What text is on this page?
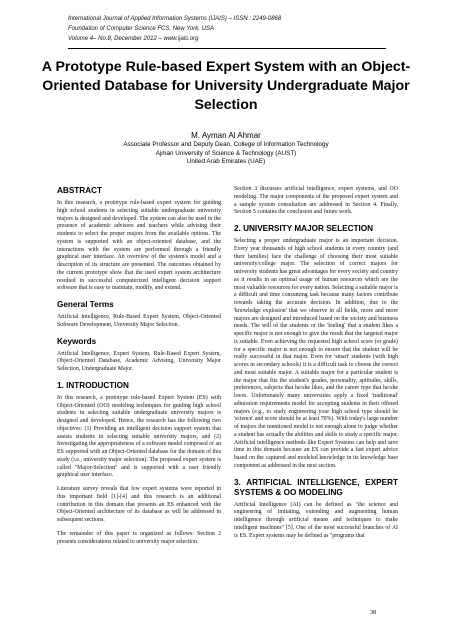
International Journal of Applied Information Systems (IJAIS) – ISSN : 2249-0868
Foundation of Computer Science FCS, New York, USA
Volume 4– No.8, December 2012 – www.ijais.org
A Prototype Rule-based Expert System with an Object-Oriented Database for University Undergraduate Major Selection
M. Ayman Al Ahmar
Associate Professor and Deputy Dean, College of Information Technology
Ajman University of Science & Technology (AUST)
United Arab Emirates (UAE)
ABSTRACT

In this research, a prototype rule-based expert system for guiding high school students in selecting suitable undergraduate university majors is designed and developed. The system can also be used in the presence of academic advisors and teachers while advising their students to select the proper majors from the available options. The system is supported with an object-oriented database, and the interactions with the system are performed through a friendly graphical user interface. An overview of the system's model and a description of its structure are presented. The outcomes obtained by the current prototype show that the used expert system architecture resulted in successful computerized intelligent decision support software that is easy to maintain, modify, and extend.

General Terms

Artificial Intelligence, Rule-Based Expert System, Object-Oriented Software Development, University Major Selection.

Keywords

Artificial Intelligence, Expert System, Rule-Based Expert System, Object-Oriented Database, Academic Advising, University Major Selection, Undergraduate Major.

1. INTRODUCTION

In this research, a prototype rule-based Expert System (ES) with Object-Oriented (OO) modeling techniques for guiding high school students in selecting suitable undergraduate university majors is designed and developed. Hence, the research has the following two objectives: (1) Providing an intelligent decision support system that assists students in selecting suitable university majors, and (2) Investigating the appropriateness of a software model composed of an ES supported with an Object-Oriented database for the domain of this study (i.e., university major selection). The proposed expert system is called "Major-Selection" and is supported with a user friendly graphical user interface.

Literature survey reveals that few expert systems were reported in this important field [1]-[4] and this research is an additional contribution in this domain that presents an ES enhanced with the Object-Oriented architecture of its database as will be addressed in subsequent sections.

The remainder of this paper is organized as follows: Section 2 presents considerations related to university major selection.

Section 3 discusses artificial intelligence, expert systems, and OO modeling. The major components of the proposed expert system and a sample system consultation are addressed in Section 4. Finally, Section 5 contains the conclusion and future work.

2. UNIVERSITY MAJOR SELECTION

Selecting a proper undergraduate major is an important decision. Every year thousands of high school students in every country (and their families) face the challenge of choosing their most suitable university/college major. The selection of correct majors for university students has great advantages for every society and country as it results in an optimal usage of human resources which are the most valuable resources for every nation. Selecting a suitable major is a difficult and time consuming task because many factors contribute towards taking the accurate decision. In addition, due to the 'knowledge explosion' that we observe in all fields, more and more majors are designed and introduced based on the society and business needs. The will of the students or the 'feeling' that a student likes a specific major is not enough to give the result that the targeted major is suitable. Even achieving the requested high school score (or grade) for a specific major is not enough to ensure that the student will be really successful in that major. Even for 'smart' students (with high scores in secondary schools) it is a difficult task to choose the correct and most suitable major. A suitable major for a particular student is the major that fits the student's grades, personality, aptitudes, skills, preferences, subjects that he/she likes, and the career type that he/she loves. Unfortunately many universities apply a fixed 'traditional' admission requirements model for accepting students in their offered majors (e.g., to study engineering your high school type should be 'science' and score should be at least 70%). With today's large number of majors the mentioned model is not enough alone to judge whether a student has actually the abilities and skills to study a specific major. Artificial intelligence methods like Expert Systems can help and save time in this domain because an ES can provide a fast expert advice based on the captured and modeled knowledge in its knowledge base component as addressed in the next section.

3. ARTIFICIAL INTELLIGENCE, EXPERT SYSTEMS & OO MODELING

Artificial Intelligence (AI) can be defined as "the science and engineering of imitating, extending and augmenting human intelligence through artificial means and techniques to make intelligent machines" [5]. One of the most successful branches of AI is ES. Expert systems may be defined as "programs that

38
